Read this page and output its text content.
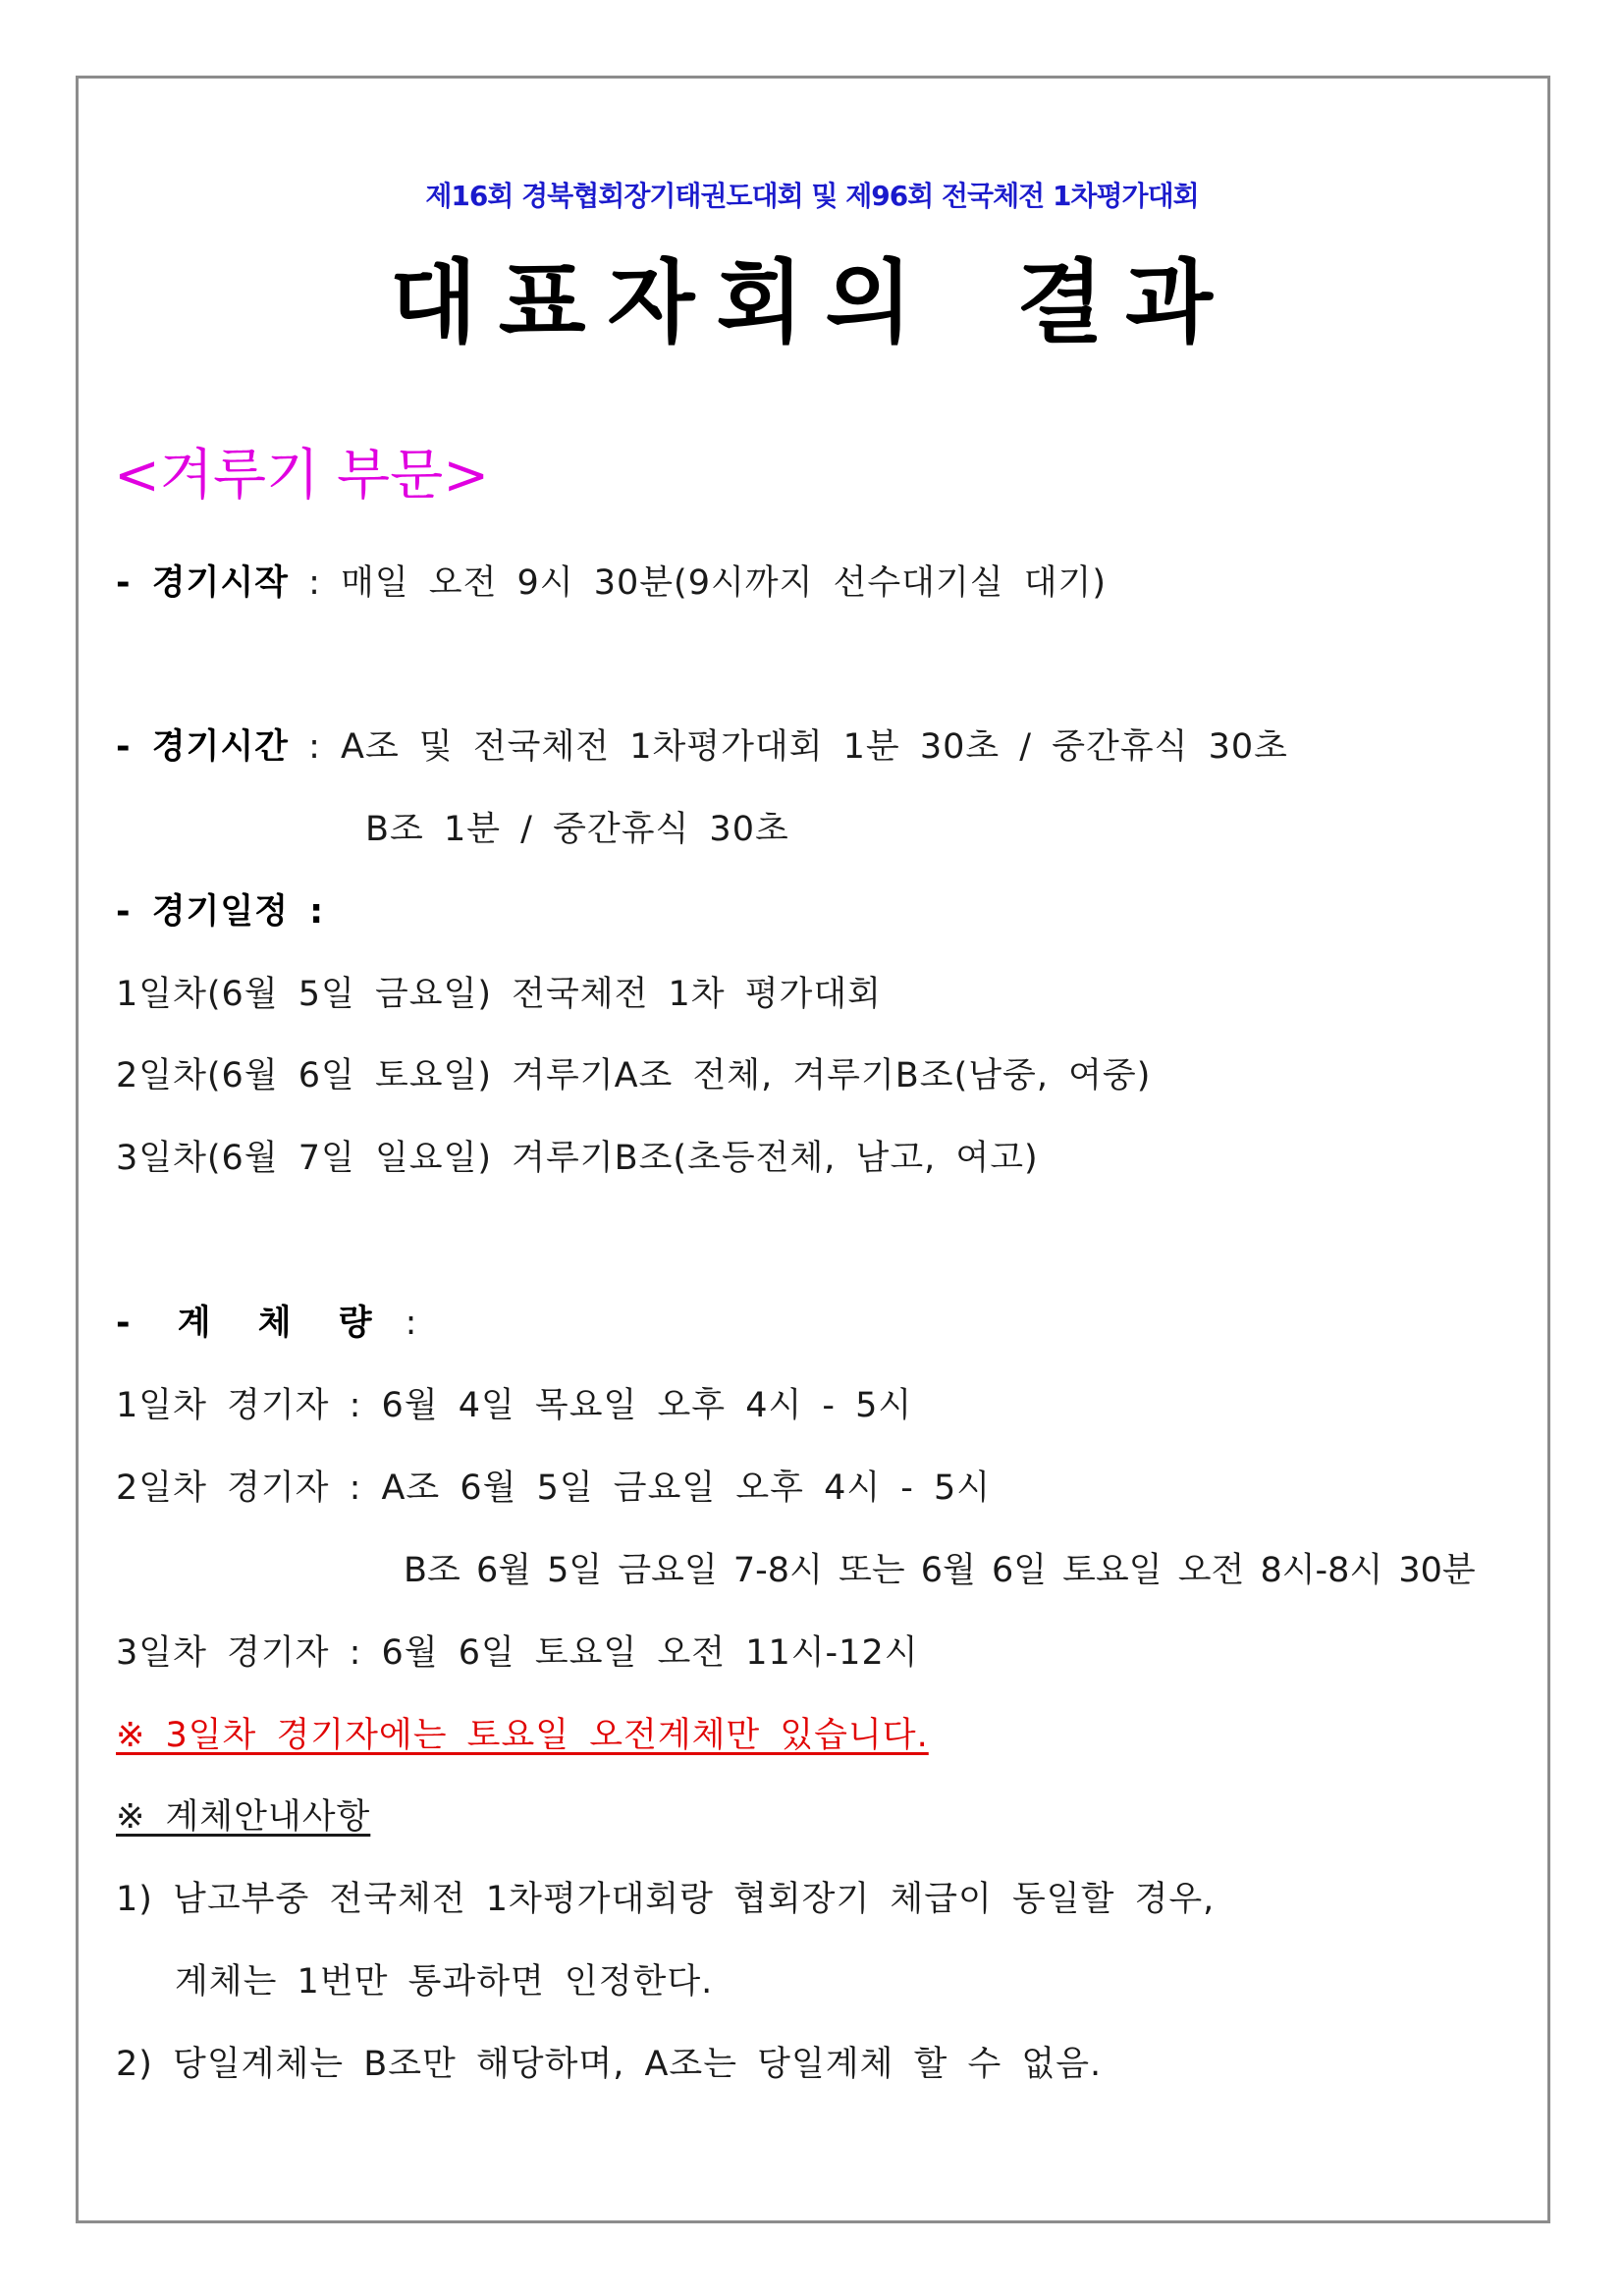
제16회 경북협회장기태권도대회 및 제96회 전국체전 1차평가대회
대표자회의 결과
<겨루기 부문>
- 경기시작 : 매일 오전 9시 30분(9시까지 선수대기실 대기)
- 경기시간 : A조 및 전국체전 1차평가대회 1분 30초 / 중간휴식 30초
B조 1분 / 중간휴식 30초
- 경기일정 :
1일차(6월 5일 금요일) 전국체전 1차 평가대회
2일차(6월 6일 토요일) 겨루기A조 전체, 겨루기B조(남중, 여중)
3일차(6월 7일 일요일) 겨루기B조(초등전체, 남고, 여고)
- 계 체 량 :
1일차 경기자 : 6월 4일 목요일 오후 4시 - 5시
2일차 경기자 : A조 6월 5일 금요일 오후 4시 - 5시
B조 6월 5일 금요일 7-8시 또는 6월 6일 토요일 오전 8시-8시 30분
3일차 경기자 : 6월 6일 토요일 오전 11시-12시
※ 3일차 경기자에는 토요일 오전계체만 있습니다.
※ 계체안내사항
1) 남고부중 전국체전 1차평가대회랑 협회장기 체급이 동일할 경우,
계체는 1번만 통과하면 인정한다.
2) 당일계체는 B조만 해당하며, A조는 당일계체 할 수 없음.
